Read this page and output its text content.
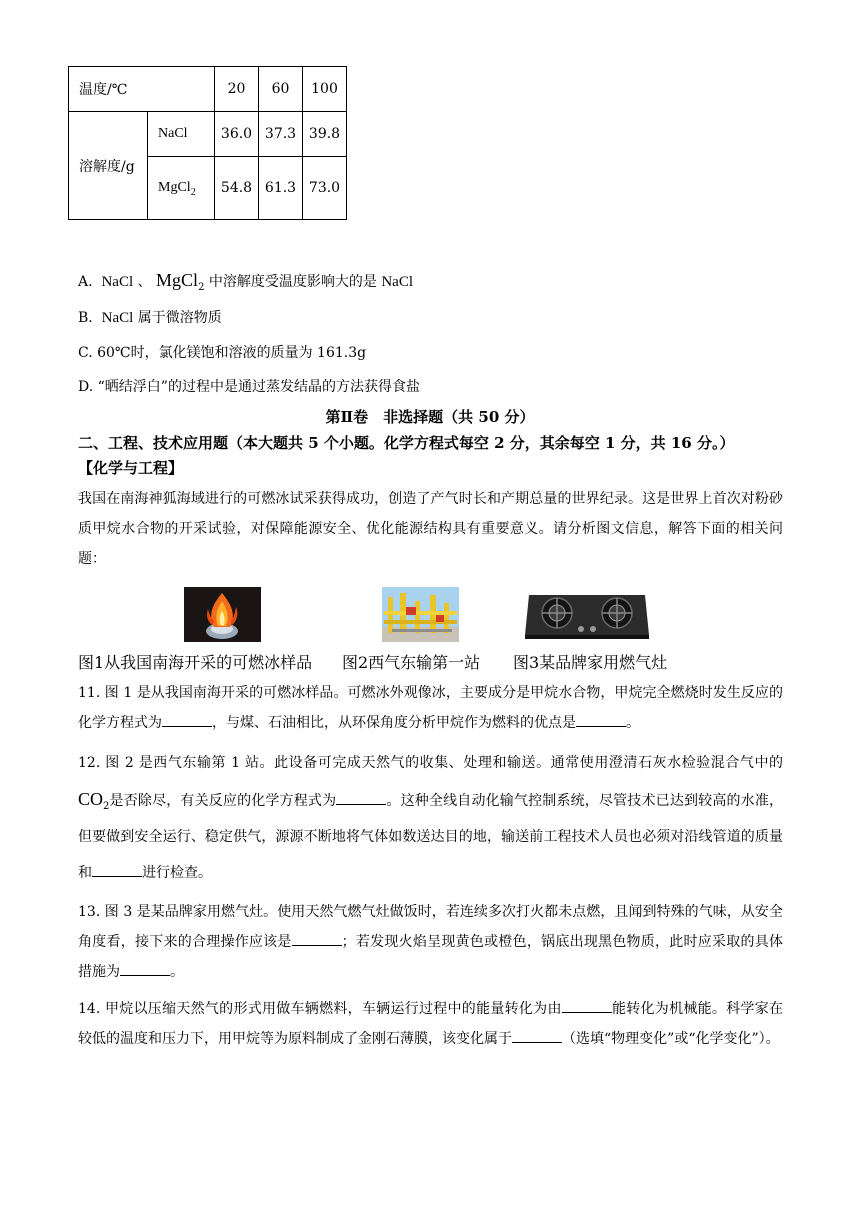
温度/℃		20	60	100
溶解度/g	NaCl	36.0	37.3	39.8
	MgCl$_2$	54.8	61.3	73.0
A. NaCl 、 MgCl$_2$ 中溶解度受温度影响大的是 NaCl
B. NaCl 属于微溶物质
C. 60℃时，氯化镁饱和溶液的质量为 161.3g
D. “晒结浮白”的过程中是通过蒸发结晶的方法获得食盐
第Ⅱ卷　非选择题（共 50 分）
二、工程、技术应用题（本大题共 5 个小题。化学方程式每空 2 分，其余每空 1 分，共 16 分。）
【化学与工程】
我国在南海神狐海域进行的可燃冰试采获得成功，创造了产气时长和产期总量的世界纪录。这是世界上首次对粉砂质甲烷水合物的开采试验，对保障能源安全、优化能源结构具有重要意义。请分析图文信息，解答下面的相关问题：
图1从我国南海开采的可燃冰样品 图2西气东输第一站 图3某品牌家用燃气灶
11. 图 1 是从我国南海开采的可燃冰样品。可燃冰外观像冰，主要成分是甲烷水合物，甲烷完全燃烧时发生反应的化学方程式为	，与煤、石油相比，从环保角度分析甲烷作为燃料的优点是	。
12. 图 2 是西气东输第 1 站。此设备可完成天然气的收集、处理和输送。通常使用澄清石灰水检验混合气中的$CO_2$是否除尽，有关反应的化学方程式为	。这种全线自动化输气控制系统，尽管技术已达到较高的水准，但要做到安全运行、稳定供气，源源不断地将气体如数送达目的地，输送前工程技术人员也必须对沿线管道的质量和	进行检查。
13. 图 3 是某品牌家用燃气灶。使用天然气燃气灶做饭时，若连续多次打火都未点燃，且闻到特殊的气味，从安全角度看，接下来的合理操作应该是	；若发现火焰呈现黄色或橙色，锅底出现黑色物质，此时应采取的具体措施为	。
14. 甲烷以压缩天然气的形式用做车辆燃料，车辆运行过程中的能量转化为由	能转化为机械能。科学家在较低的温度和压力下，用甲烷等为原料制成了金刚石薄膜，该变化属于	（选填“物理变化”或“化学变化”）。
